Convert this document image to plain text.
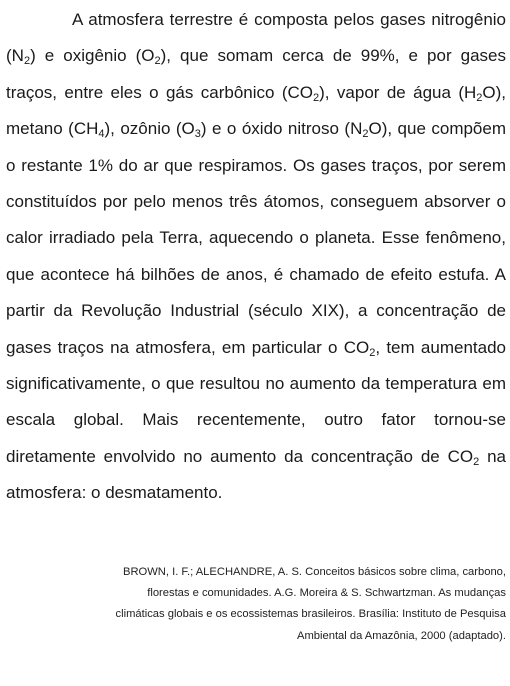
A atmosfera terrestre é composta pelos gases nitrogênio $(N_2)$ e oxigênio $(O_2)$, que somam cerca de 99%, e por gases traços, entre eles o gás carbônico $(CO_2)$, vapor de água $(H_2O)$, metano $(CH_4)$, ozônio $(O_3)$ e o óxido nitroso $(N_2O)$, que compõem o restante 1% do ar que respiramos. Os gases traços, por serem constituídos por pelo menos três átomos, conseguem absorver o calor irradiado pela Terra, aquecendo o planeta. Esse fenômeno, que acontece há bilhões de anos, é chamado de efeito estufa. A partir da Revolução Industrial (século XIX), a concentração de gases traços na atmosfera, em particular o $CO_2$, tem aumentado significativamente, o que resultou no aumento da temperatura em escala global. Mais recentemente, outro fator tornou-se diretamente envolvido no aumento da concentração de $CO_2$ na atmosfera: o desmatamento.

BROWN, I. F.; ALECHANDRE, A. S. Conceitos básicos sobre clima, carbono, florestas e comunidades. A.G. Moreira & S. Schwartzman. As mudanças climáticas globais e os ecossistemas brasileiros. Brasília: Instituto de Pesquisa Ambiental da Amazônia, 2000 (adaptado).
